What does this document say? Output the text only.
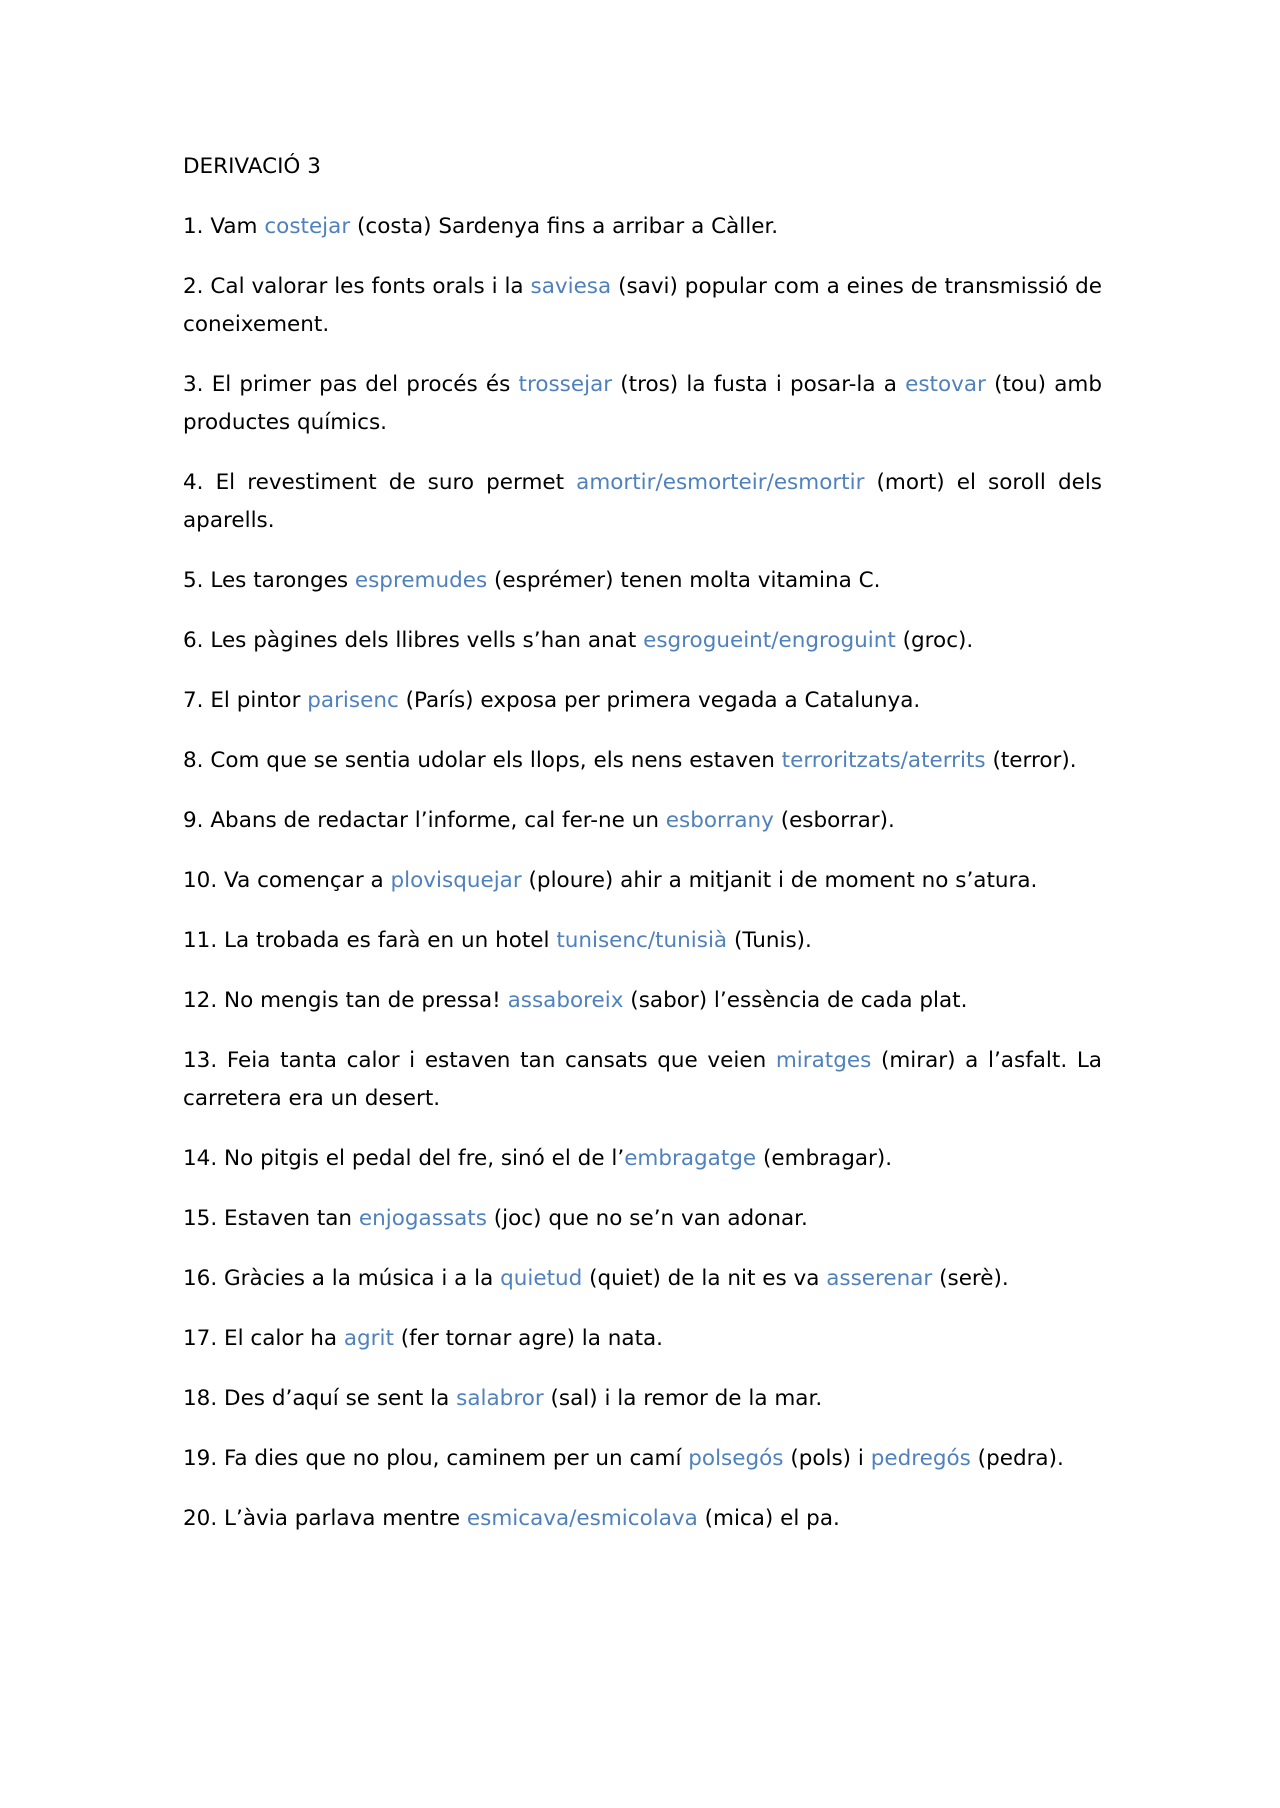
DERIVACIÓ 3

1. Vam costejar (costa) Sardenya fins a arribar a Càller.

2. Cal valorar les fonts orals i la saviesa (savi) popular com a eines de transmissió de coneixement.

3. El primer pas del procés és trossejar (tros) la fusta i posar-la a estovar (tou) amb productes químics.

4. El revestiment de suro permet amortir/esmorteir/esmortir (mort) el soroll dels aparells.

5. Les taronges espremudes (esprémer) tenen molta vitamina C.

6. Les pàgines dels llibres vells s’han anat esgrogueint/engroguint (groc).

7. El pintor parisenc (París) exposa per primera vegada a Catalunya.

8. Com que se sentia udolar els llops, els nens estaven terroritzats/aterrits (terror).

9. Abans de redactar l’informe, cal fer-ne un esborrany (esborrar).

10. Va començar a plovisquejar (ploure) ahir a mitjanit i de moment no s’atura.

11. La trobada es farà en un hotel tunisenc/tunisià (Tunis).

12. No mengis tan de pressa! assaboreix (sabor) l’essència de cada plat.

13. Feia tanta calor i estaven tan cansats que veien miratges (mirar) a l’asfalt. La carretera era un desert.

14. No pitgis el pedal del fre, sinó el de l’embragatge (embragar).

15. Estaven tan enjogassats (joc) que no se’n van adonar.

16. Gràcies a la música i a la quietud (quiet) de la nit es va asserenar (serè).

17. El calor ha agrit (fer tornar agre) la nata.

18. Des d’aquí se sent la salabror (sal) i la remor de la mar.

19. Fa dies que no plou, caminem per un camí polsegós (pols) i pedregós (pedra).

20. L’àvia parlava mentre esmicava/esmicolava (mica) el pa.
